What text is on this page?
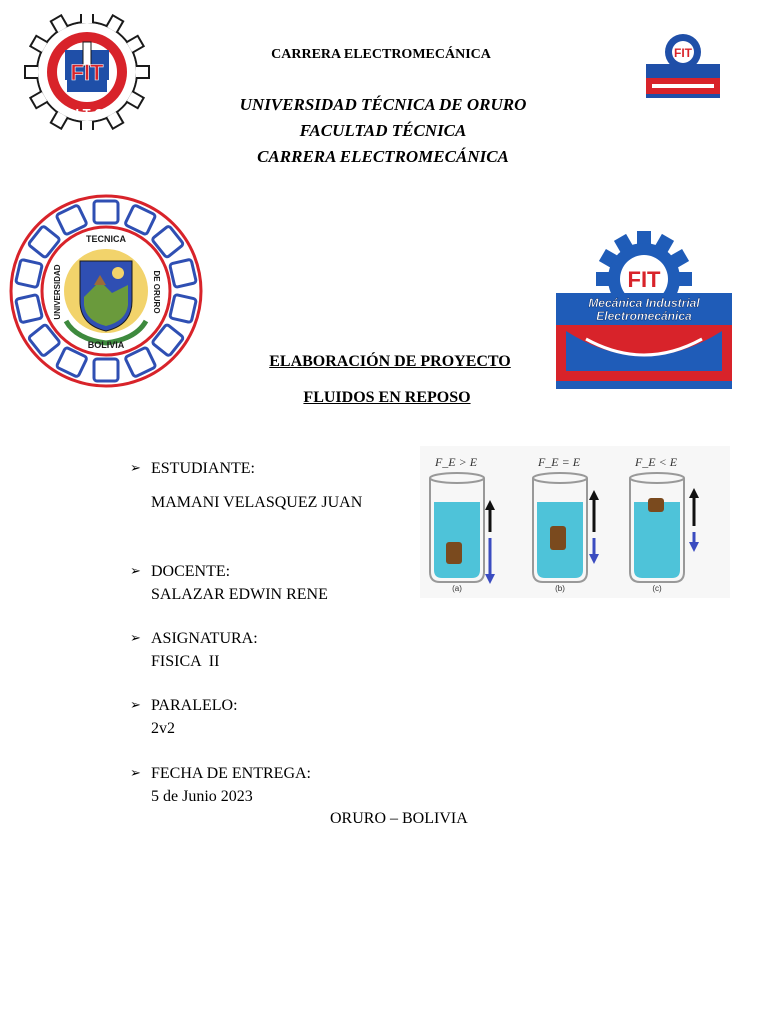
FIT
U T O
CARRERA ELECTROMECÁNICA	FIT
UNIVERSIDAD TÉCNICA DE ORURO
FACULTAD TÉCNICA
CARRERA ELECTROMECÁNICA
TECNICA
BOLIVIA
UNIVERSIDAD	DE ORURO	FIT
Mecánica Industrial
Electromecánica
ELABORACIÓN DE PROYECTO
FLUIDOS EN REPOSO
F_E > E	F_E = E	F_E < E
(a)	(b)	(c)
➢ ESTUDIANTE:
MAMANI VELASQUEZ JUAN
➢ DOCENTE:
SALAZAR EDWIN RENE
➢ ASIGNATURA:
FISICA  II
➢ PARALELO:
2v2
➢ FECHA DE ENTREGA:
5 de Junio 2023
ORURO – BOLIVIA
